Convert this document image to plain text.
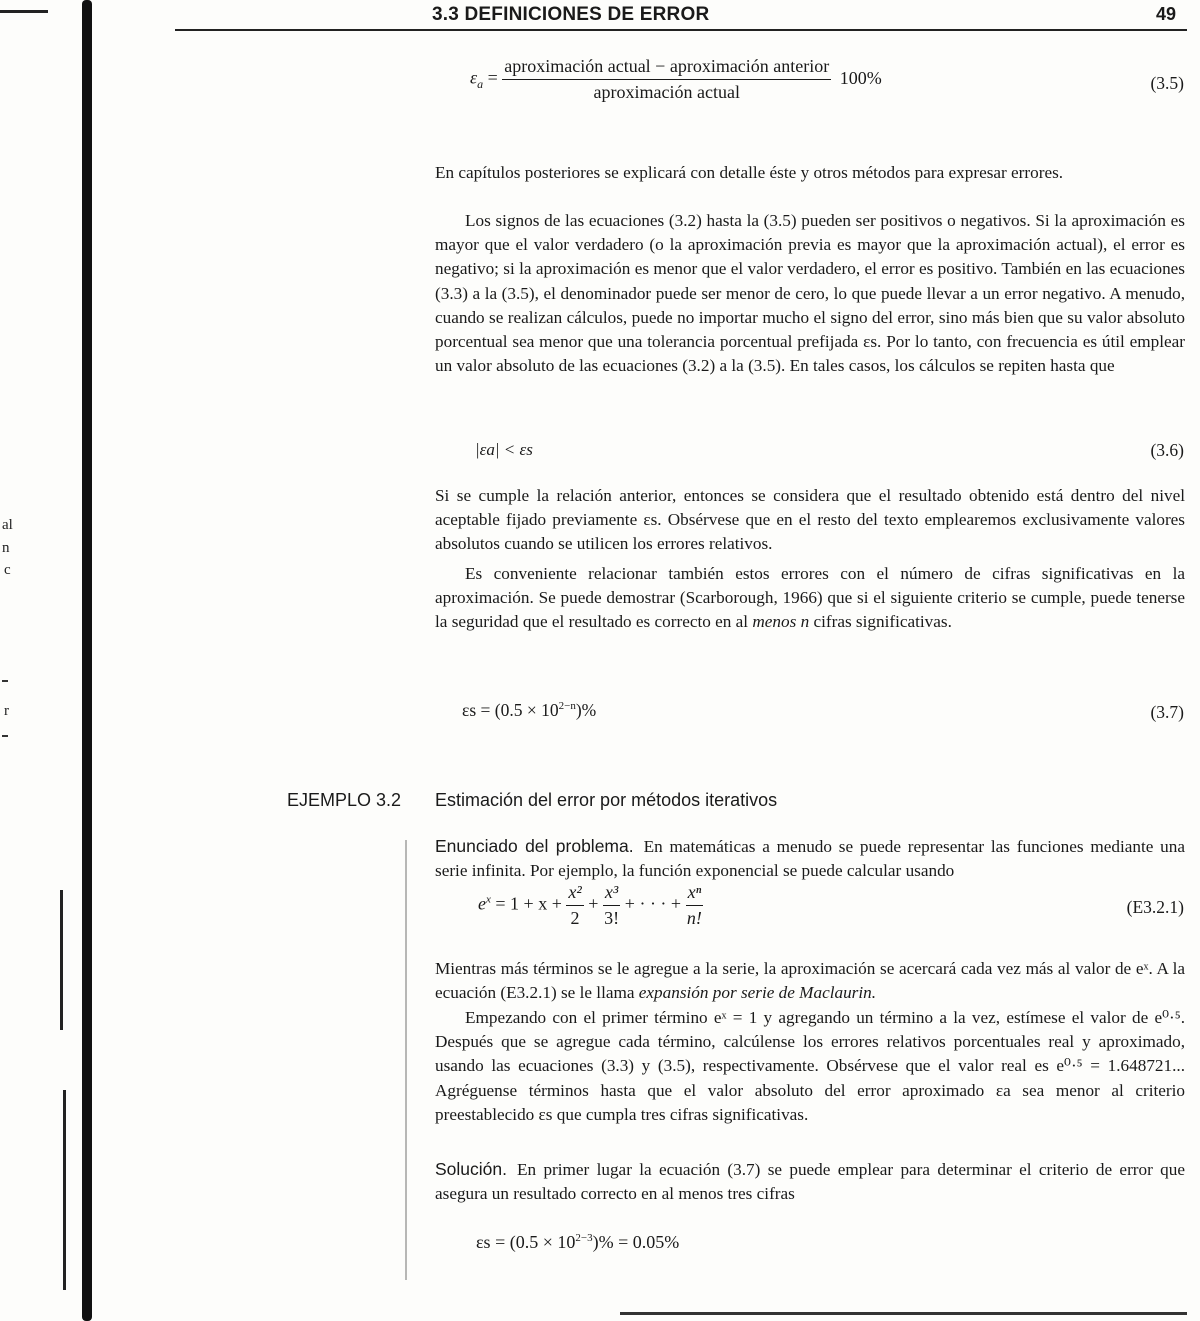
al
n
c
r
3.3 DEFINICIONES DE ERROR	49
$\varepsilon_a = \frac{\text{aproximación actual − aproximación anterior}}{\text{aproximación actual}} 100\%$	(3.5)

En capítulos posteriores se explicará con detalle éste y otros métodos para expresar errores.

Los signos de las ecuaciones (3.2) hasta la (3.5) pueden ser positivos o negativos. Si la aproximación es mayor que el valor verdadero (o la aproximación previa es mayor que la aproximación actual), el error es negativo; si la aproximación es menor que el valor verdadero, el error es positivo. También en las ecuaciones (3.3) a la (3.5), el denominador puede ser menor de cero, lo que puede llevar a un error negativo. A menudo, cuando se realizan cálculos, puede no importar mucho el signo del error, sino más bien que su valor absoluto porcentual sea menor que una tolerancia porcentual prefijada εs. Por lo tanto, con frecuencia es útil emplear un valor absoluto de las ecuaciones (3.2) a la (3.5). En tales casos, los cálculos se repiten hasta que

|εa| < εs	(3.6)

Si se cumple la relación anterior, entonces se considera que el resultado obtenido está dentro del nivel aceptable fijado previamente εs. Obsérvese que en el resto del texto emplearemos exclusivamente valores absolutos cuando se utilicen los errores relativos.

Es conveniente relacionar también estos errores con el número de cifras significativas en la aproximación. Se puede demostrar (Scarborough, 1966) que si el siguiente criterio se cumple, puede tenerse la seguridad que el resultado es correcto en al menos n cifras significativas.

$\varepsilon s = (0.5 \times 10^{2-n})\%$	(3.7)
EJEMPLO 3.2 Estimación del error por métodos iterativos

Enunciado del problema. En matemáticas a menudo se puede representar las funciones mediante una serie infinita. Por ejemplo, la función exponencial se puede calcular usando

$e^x = 1 + x + \frac{\text{x²}}{2} + \frac{\text{x³}}{3!}$ + · · · + $\frac{\text{xⁿ}}{n!}$	(E3.2.1)

Mientras más términos se le agregue a la serie, la aproximación se acercará cada vez más al valor de eˣ. A la ecuación (E3.2.1) se le llama expansión por serie de Maclaurin.

Empezando con el primer término eˣ = 1 y agregando un término a la vez, estímese el valor de e⁰·⁵. Después que se agregue cada término, calcúlense los errores relativos porcentuales real y aproximado, usando las ecuaciones (3.3) y (3.5), respectivamente. Obsérvese que el valor real es e⁰·⁵ = 1.648721... Agréguense términos hasta que el valor absoluto del error aproximado εa sea menor al criterio preestablecido εs que cumpla tres cifras significativas.

Solución. En primer lugar la ecuación (3.7) se puede emplear para determinar el criterio de error que asegura un resultado correcto en al menos tres cifras

$\varepsilon s = (0.5 \times 10^{2-3})\% = 0.05\%$
